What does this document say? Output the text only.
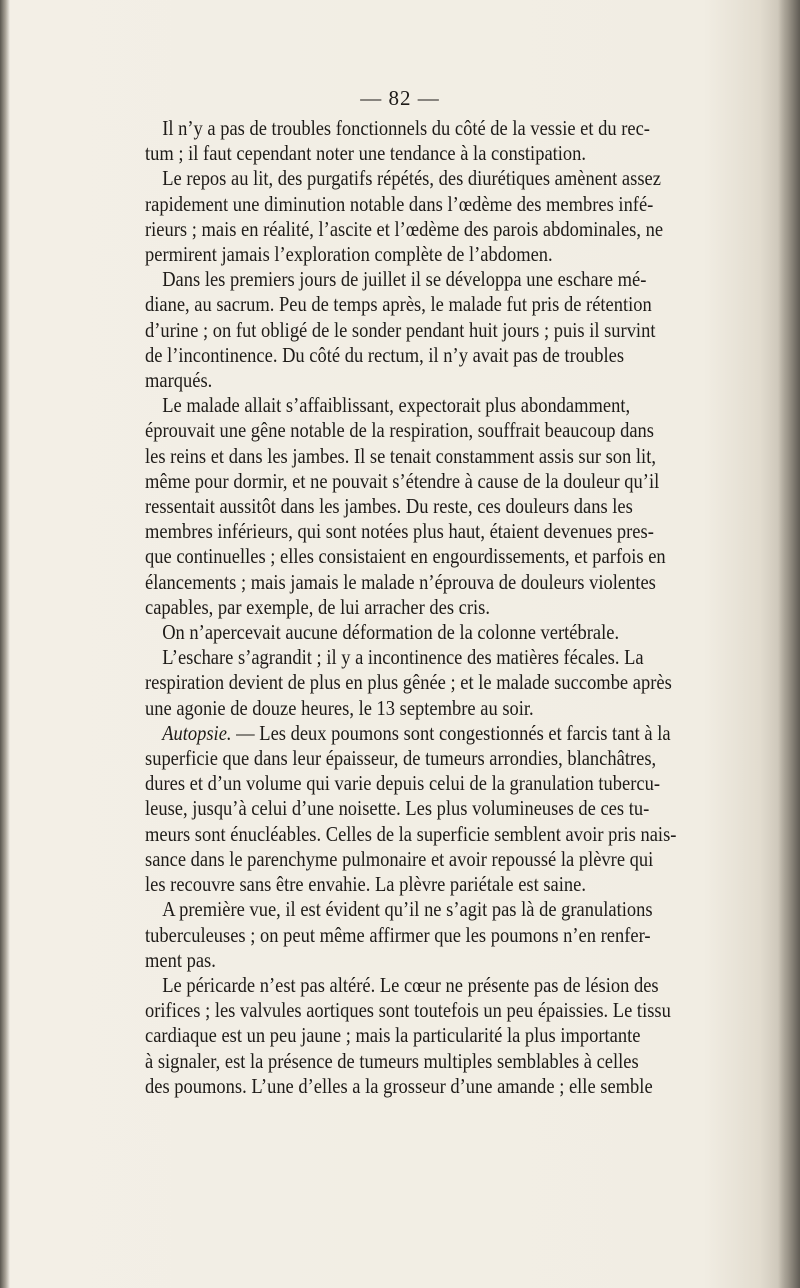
— 82 —

Il n’y a pas de troubles fonctionnels du côté de la vessie et du rec-
tum ; il faut cependant noter une tendance à la constipation.

Le repos au lit, des purgatifs répétés, des diurétiques amènent assez
rapidement une diminution notable dans l’œdème des membres infé-
rieurs ; mais en réalité, l’ascite et l’œdème des parois abdominales, ne
permirent jamais l’exploration complète de l’abdomen.

Dans les premiers jours de juillet il se développa une eschare mé-
diane, au sacrum. Peu de temps après, le malade fut pris de rétention
d’urine ; on fut obligé de le sonder pendant huit jours ; puis il survint
de l’incontinence. Du côté du rectum, il n’y avait pas de troubles
marqués.

Le malade allait s’affaiblissant, expectorait plus abondamment,
éprouvait une gêne notable de la respiration, souffrait beaucoup dans
les reins et dans les jambes. Il se tenait constamment assis sur son lit,
même pour dormir, et ne pouvait s’étendre à cause de la douleur qu’il
ressentait aussitôt dans les jambes. Du reste, ces douleurs dans les
membres inférieurs, qui sont notées plus haut, étaient devenues pres-
que continuelles ; elles consistaient en engourdissements, et parfois en
élancements ; mais jamais le malade n’éprouva de douleurs violentes
capables, par exemple, de lui arracher des cris.

On n’apercevait aucune déformation de la colonne vertébrale.

L’eschare s’agrandit ; il y a incontinence des matières fécales. La
respiration devient de plus en plus gênée ; et le malade succombe après
une agonie de douze heures, le 13 septembre au soir.

Autopsie. — Les deux poumons sont congestionnés et farcis tant à la
superficie que dans leur épaisseur, de tumeurs arrondies, blanchâtres,
dures et d’un volume qui varie depuis celui de la granulation tubercu-
leuse, jusqu’à celui d’une noisette. Les plus volumineuses de ces tu-
meurs sont énucléables. Celles de la superficie semblent avoir pris nais-
sance dans le parenchyme pulmonaire et avoir repoussé la plèvre qui
les recouvre sans être envahie. La plèvre pariétale est saine.

A première vue, il est évident qu’il ne s’agit pas là de granulations
tuberculeuses ; on peut même affirmer que les poumons n’en renfer-
ment pas.

Le péricarde n’est pas altéré. Le cœur ne présente pas de lésion des
orifices ; les valvules aortiques sont toutefois un peu épaissies. Le tissu
cardiaque est un peu jaune ; mais la particularité la plus importante
à signaler, est la présence de tumeurs multiples semblables à celles
des poumons. L’une d’elles a la grosseur d’une amande ; elle semble
